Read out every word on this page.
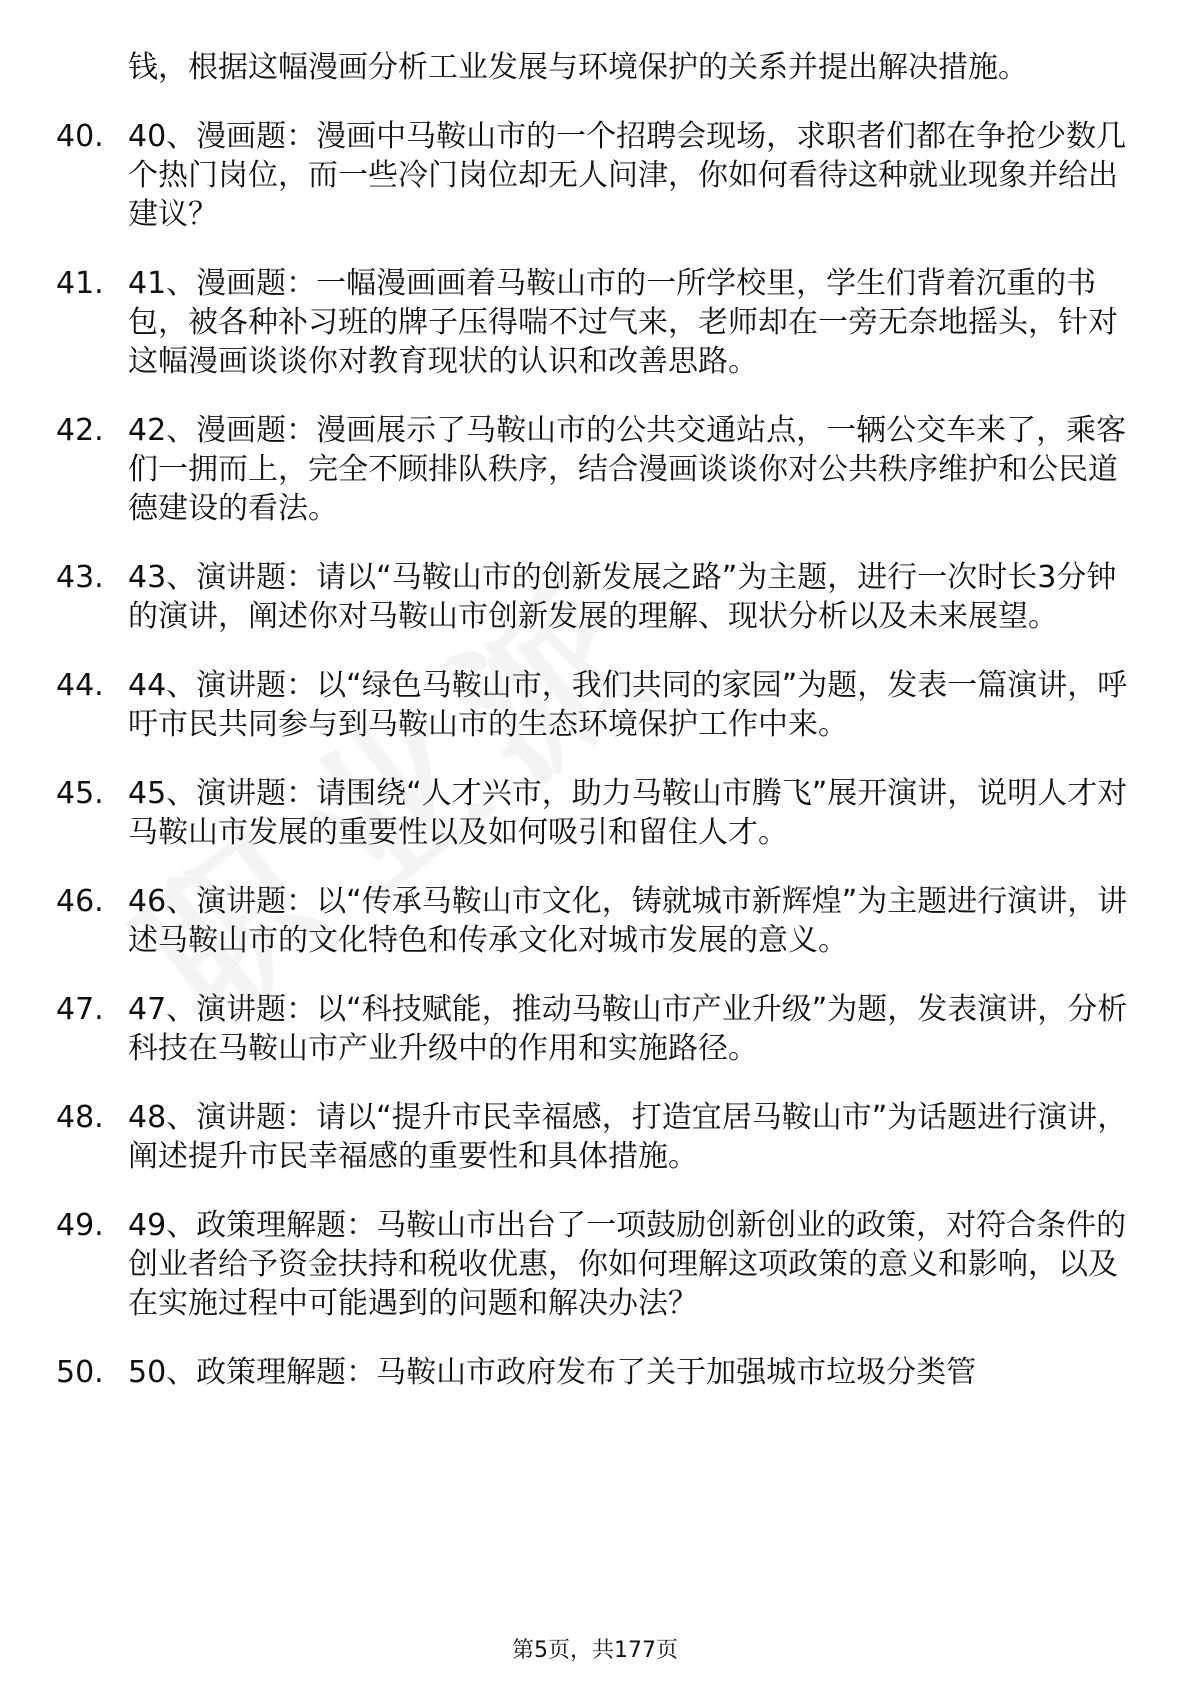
钱，根据这幅漫画分析工业发展与环境保护的关系并提出解决措施。
40. 40、漫画题：漫画中马鞍山市的一个招聘会现场，求职者们都在争抢少数几个热门岗位，而一些冷门岗位却无人问津，你如何看待这种就业现象并给出建议？
41. 41、漫画题：一幅漫画画着马鞍山市的一所学校里，学生们背着沉重的书包，被各种补习班的牌子压得喘不过气来，老师却在一旁无奈地摇头，针对这幅漫画谈谈你对教育现状的认识和改善思路。
42. 42、漫画题：漫画展示了马鞍山市的公共交通站点，一辆公交车来了，乘客们一拥而上，完全不顾排队秩序，结合漫画谈谈你对公共秩序维护和公民道德建设的看法。
43. 43、演讲题：请以“马鞍山市的创新发展之路”为主题，进行一次时长3分钟的演讲，阐述你对马鞍山市创新发展的理解、现状分析以及未来展望。
44. 44、演讲题：以“绿色马鞍山市，我们共同的家园”为题，发表一篇演讲，呼吁市民共同参与到马鞍山市的生态环境保护工作中来。
45. 45、演讲题：请围绕“人才兴市，助力马鞍山市腾飞”展开演讲，说明人才对马鞍山市发展的重要性以及如何吸引和留住人才。
46. 46、演讲题：以“传承马鞍山市文化，铸就城市新辉煌”为主题进行演讲，讲述马鞍山市的文化特色和传承文化对城市发展的意义。
47. 47、演讲题：以“科技赋能，推动马鞍山市产业升级”为题，发表演讲，分析科技在马鞍山市产业升级中的作用和实施路径。
48. 48、演讲题：请以“提升市民幸福感，打造宜居马鞍山市”为话题进行演讲，阐述提升市民幸福感的重要性和具体措施。
49. 49、政策理解题：马鞍山市出台了一项鼓励创新创业的政策，对符合条件的创业者给予资金扶持和税收优惠，你如何理解这项政策的意义和影响，以及在实施过程中可能遇到的问题和解决办法？
50. 50、政策理解题：马鞍山市政府发布了关于加强城市垃圾分类管
第5页，共177页
